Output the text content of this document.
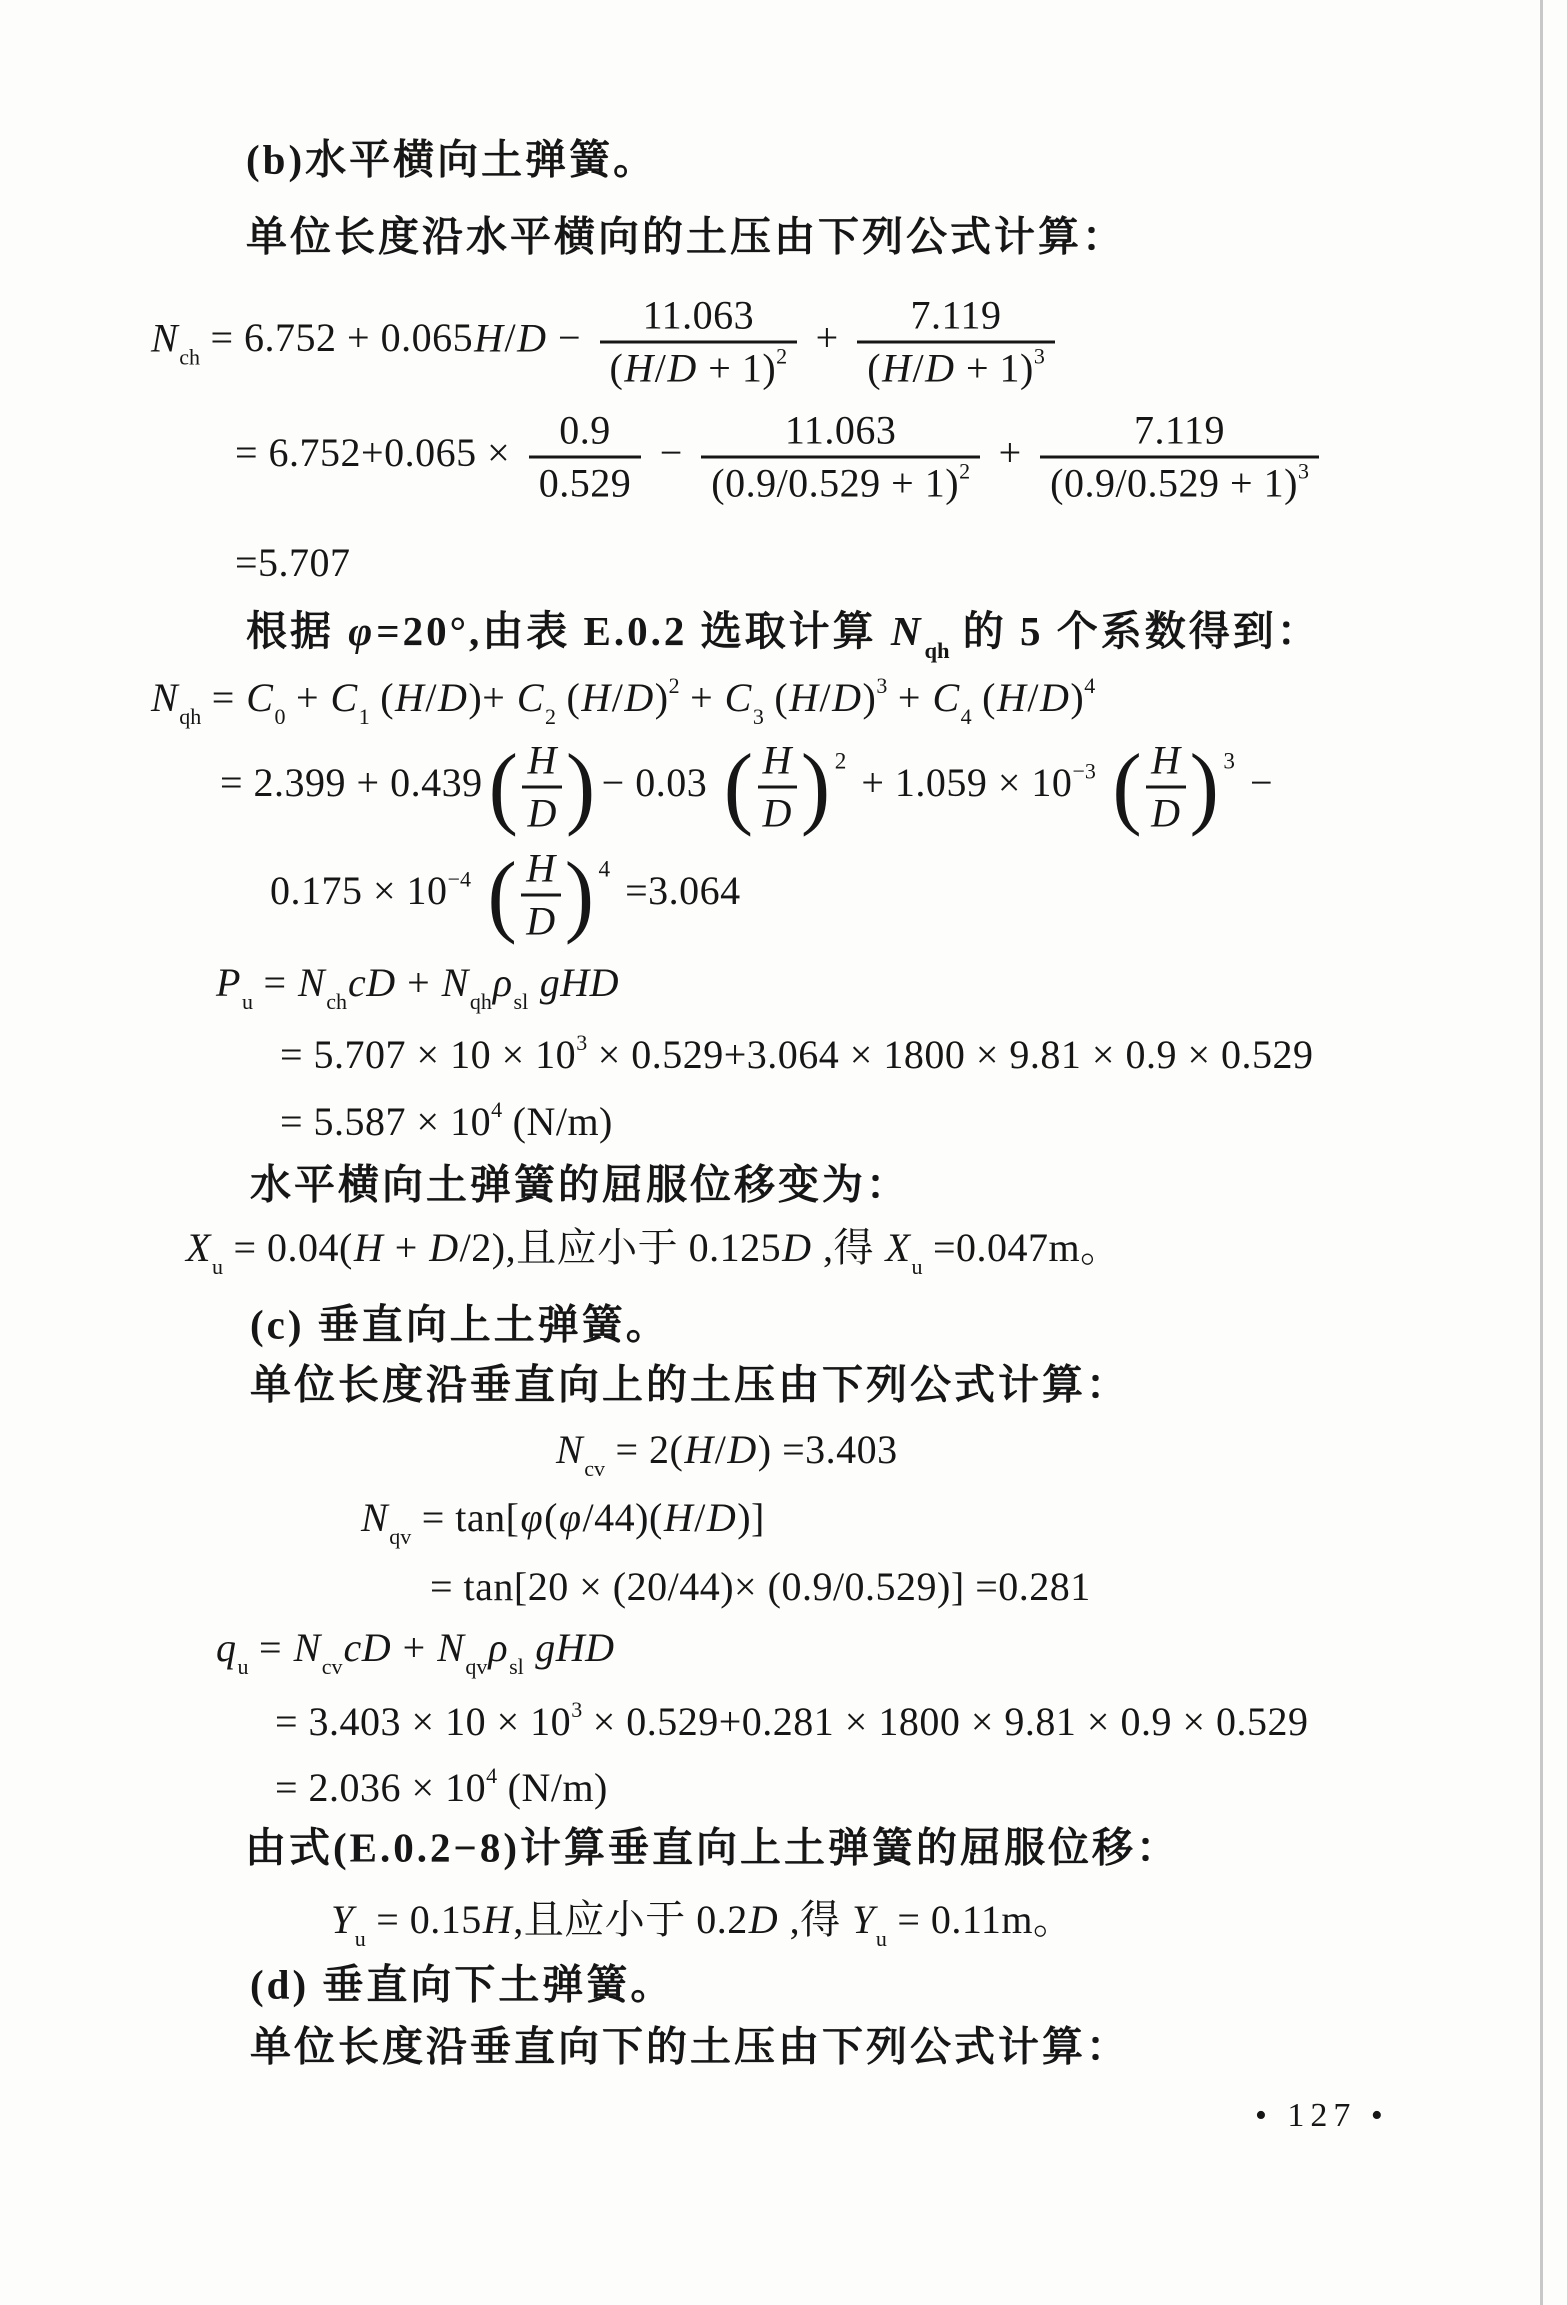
(b)水平横向土弹簧。
单位长度沿水平横向的土压由下列公式计算：
$N_{ch} = 6.752 + 0.065H/D - \frac{11.063}{(H/D + 1)^2} + \frac{7.119}{(H/D + 1)^3}$
= $6.752+0.065 \times \frac{0.9}{0.529} - \frac{11.063}{(0.9/0.529 + 1)^2} + \frac{7.119}{(0.9/0.529 + 1)^3}$
=5.707
根据 φ=20°,由表 E.0.2 选取计算 $N_{qh}$ 的 5 个系数得到：
$N_{qh} = C_0 + C_1$ $(H/D)+ C_2$ $(H/D)^2 + C_3$ $(H/D)^3 + C_4$ $(H/D)^4$
= 2.399 + 0.439 ( $\frac{H}{D}$ ) − 0.03 ( $\frac{H}{D}$ ) $2 + 1.059 \times 10^{-3}$ ( $\frac{H}{D}$ ) 3 −
$0.175 \times 10^{-4}$ ( $\frac{H}{D}$ ) 4 =3.064
$P_u = N_{ch}cD + N_{qh}\rho_{sl}$ gHD
= $5.707 \times 10 \times 10^3 \times 0.529+3.064 \times 1800 \times 9.81 \times 0.9 \times 0.529$
= $5.587 \times 10^4$ (N/m)
水平横向土弹簧的屈服位移变为：
$X_u = 0.04(H + D/2)$,且应小于 0.125D ,得 $X_u =0.047m$。
(c) 垂直向上土弹簧。
单位长度沿垂直向上的土压由下列公式计算：
$N_{cv} = 2(H/D) =3.403$
$N_{qv} = \tan[\varphi(\varphi/44)(H/D)]$
= tan[20 × (20/44)× (0.9/0.529)] =0.281
$q_u = N_{cv}cD + N_{qv}\rho_{sl}$ gHD
= $3.403 \times 10 \times 10^3 \times 0.529+0.281 \times 1800 \times 9.81 \times 0.9 \times 0.529$
= $2.036 \times 10^4$ (N/m)
由式(E.0.2−8)计算垂直向上土弹簧的屈服位移：
$Y_u = 0.15H$,且应小于 0.2D ,得 $Y_u = 0.11m$。
(d) 垂直向下土弹簧。
单位长度沿垂直向下的土压由下列公式计算：
• 127 •
